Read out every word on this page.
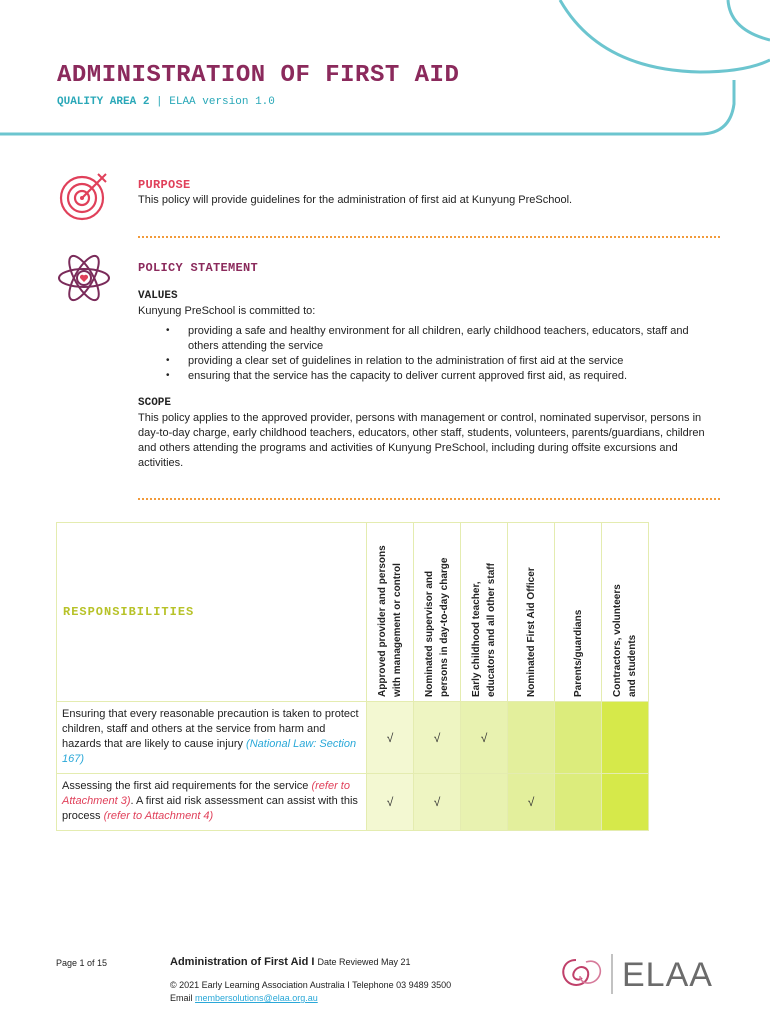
ADMINISTRATION OF FIRST AID
QUALITY AREA 2 | ELAA version 1.0
PURPOSE
This policy will provide guidelines for the administration of first aid at Kunyung PreSchool.
POLICY STATEMENT
VALUES
Kunyung PreSchool is committed to:
• providing a safe and healthy environment for all children, early childhood teachers, educators, staff and others attending the service
• providing a clear set of guidelines in relation to the administration of first aid at the service
• ensuring that the service has the capacity to deliver current approved first aid, as required.
SCOPE
This policy applies to the approved provider, persons with management or control, nominated supervisor, persons in day-to-day charge, early childhood teachers, educators, other staff, students, volunteers, parents/guardians, children and others attending the programs and activities of Kunyung PreSchool, including during offsite excursions and activities.
RESPONSIBILITIES	Approved provider and persons with management or control	Nominated supervisor and persons in day-to-day charge	Early childhood teacher, educators and all other staff	Nominated First Aid Officer	Parents/guardians	Contractors, volunteers and students

Ensuring that every reasonable precaution is taken to protect children, staff and others at the service from harm and hazards that are likely to cause injury (National Law: Section 167)	√	√	√			
Assessing the first aid requirements for the service (refer to Attachment 3). A first aid risk assessment can assist with this process (refer to Attachment 4)	√	√		√		
Page 1 of 15	Administration of First Aid I Date Reviewed May 21
© 2021 Early Learning Association Australia I Telephone 03 9489 3500
Email membersolutions@elaa.org.au
ELAA
